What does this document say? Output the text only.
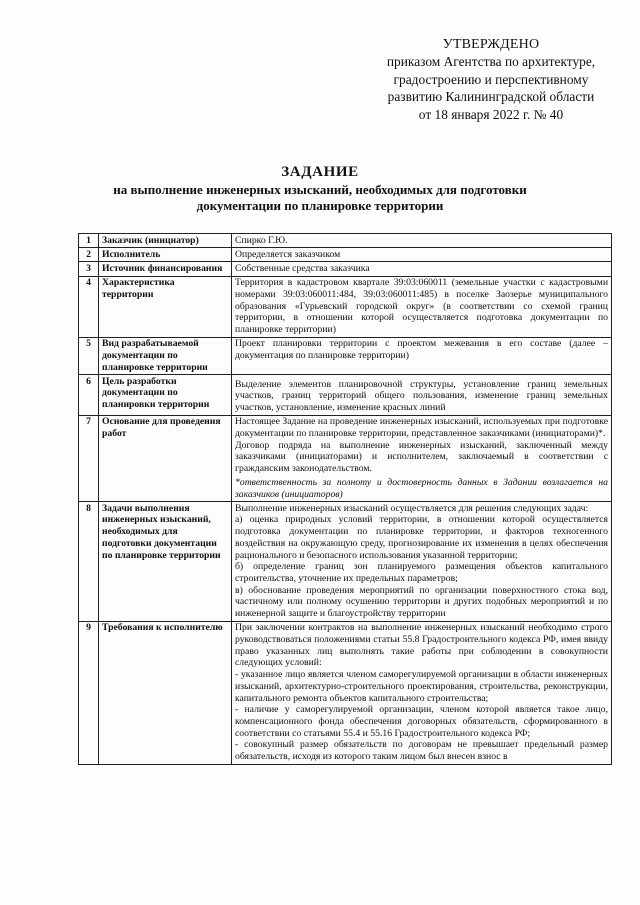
УТВЕРЖДЕНО
приказом Агентства по архитектуре,
градостроению и перспективному
развитию Калининградской области
от 18 января 2022 г. № 40
ЗАДАНИЕ
на выполнение инженерных изысканий, необходимых для подготовки
документации по планировке территории
1	Заказчик (инициатор)	Спирко Г.Ю.

2	Исполнитель	Определяется заказчиком

3	Источник финансирования	Собственные средства заказчика

4	Характеристика территории	Территория в кадастровом квартале 39:03:060011 (земельные участки с кадастровыми номерами 39:03:060011:484, 39:03:060011:485) в поселке Заозерье муниципального образования «Гурьевский городской округ» (в соответствии со схемой границ территории, в отношении которой осуществляется подготовка документации по планировке территории)

5	Вид разрабатываемой документации по планировке территории	Проект планировки территории с проектом межевания в его составе (далее – документация по планировке территории)

6	Цель разработки документации по планировки территории	Выделение элементов планировочной структуры, установление границ земельных участков, границ территорий общего пользования, изменение границ земельных участков, установление, изменение красных линий

7	Основание для проведения работ	Настоящее Задание на проведение инженерных изысканий, используемых при подготовке документации по планировке территории, представленное заказчиками (инициаторами)*.

Договор подряда на выполнение инженерных изысканий, заключенный между заказчиками (инициаторами) и исполнителем, заключаемый в соответствии с гражданским законодательством.

*ответственность за полноту и достоверность данных в Задании возлагается на заказчиков (инициаторов)

8	Задачи выполнения инженерных изысканий, необходимых для подготовки документации по планировке территории	Выполнение инженерных изысканий осуществляется для решения следующих задач:

а) оценка природных условий территории, в отношении которой осуществляется подготовка документации по планировке территории, и факторов техногенного воздействия на окружающую среду, прогнозирование их изменения в целях обеспечения рационального и безопасного использования указанной территории;

б) определение границ зон планируемого размещения объектов капитального строительства, уточнение их предельных параметров;

в) обоснование проведения мероприятий по организации поверхностного стока вод, частичному или полному осушению территории и других подобных мероприятий и по инженерной защите и благоустройству территории

9	Требования к исполнителю	При заключении контрактов на выполнение инженерных изысканий необходимо строго руководствоваться положениями статьи 55.8 Градостроительного кодекса РФ, имея ввиду право указанных лиц выполнять такие работы при соблюдении в совокупности следующих условий:

- указанное лицо является членом саморегулируемой организации в области инженерных изысканий, архитектурно-строительного проектирования, строительства, реконструкции, капитального ремонта объектов капитального строительства;

- наличие у саморегулируемой организации, членом которой является такое лицо, компенсационного фонда обеспечения договорных обязательств, сформированного в соответствии со статьями 55.4 и 55.16 Градостроительного кодекса РФ;

- совокупный размер обязательств по договорам не превышает предельный размер обязательств, исходя из которого таким лицом был внесен взнос в
